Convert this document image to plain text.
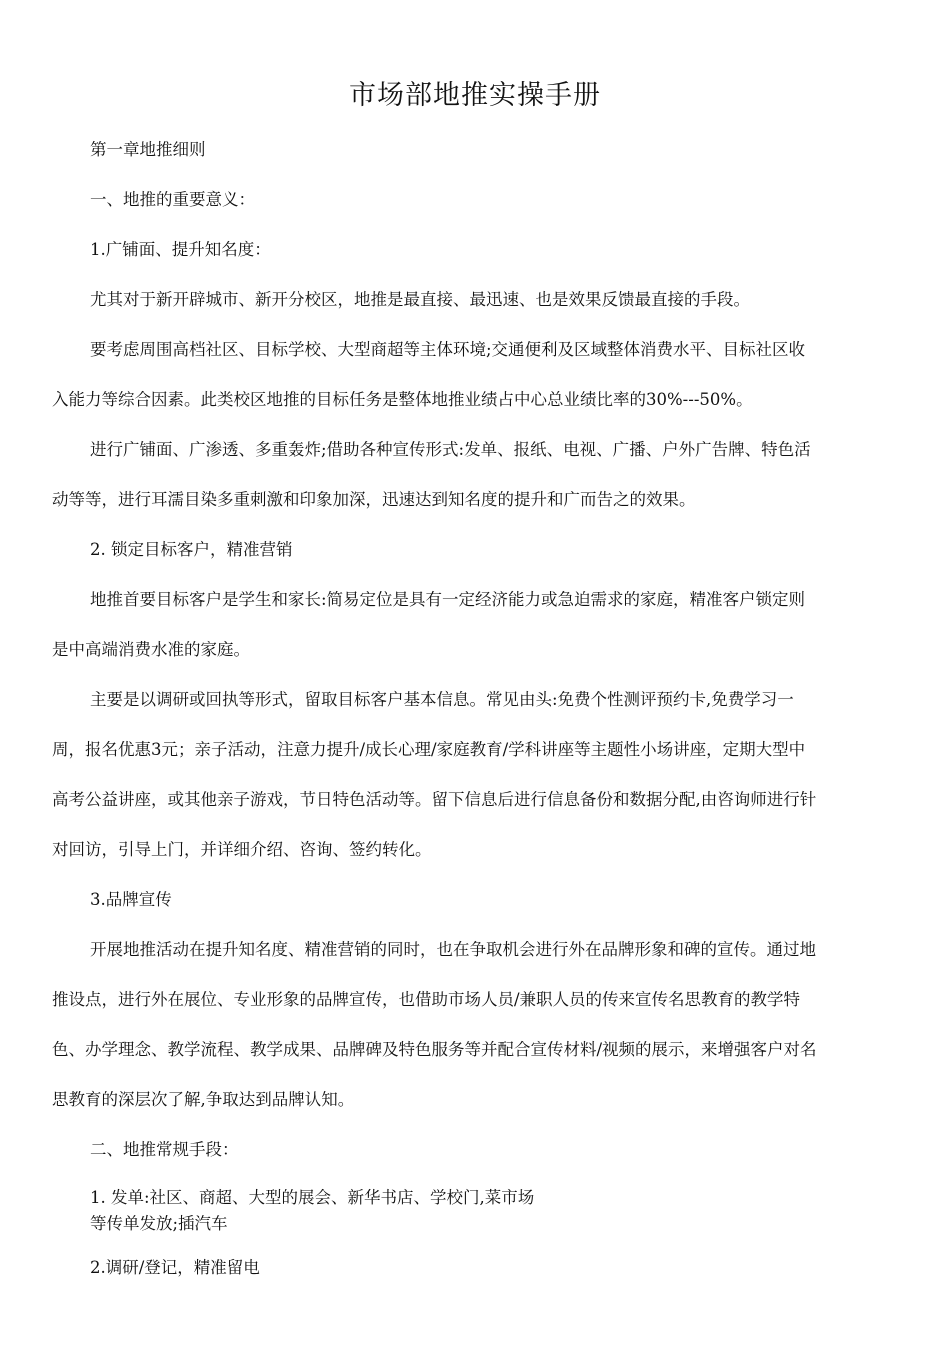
市场部地推实操手册

第一章地推细则

一、地推的重要意义：

1.广铺面、提升知名度：

尤其对于新开辟城市、新开分校区，地推是最直接、最迅速、也是效果反馈最直接的手段。

要考虑周围高档社区、目标学校、大型商超等主体环境;交通便利及区域整体消费水平、目标社区收

入能力等综合因素。此类校区地推的目标任务是整体地推业绩占中心总业绩比率的30%---50%。

进行广铺面、广渗透、多重轰炸;借助各种宣传形式:发单、报纸、电视、广播、户外广告牌、特色活

动等等，进行耳濡目染多重刺激和印象加深，迅速达到知名度的提升和广而告之的效果。

2. 锁定目标客户，精准营销

地推首要目标客户是学生和家长:简易定位是具有一定经济能力或急迫需求的家庭，精准客户锁定则

是中高端消费水准的家庭。

主要是以调研或回执等形式，留取目标客户基本信息。常见由头:免费个性测评预约卡,免费学习一

周，报名优惠3元；亲子活动，注意力提升/成长心理/家庭教育/学科讲座等主题性小场讲座，定期大型中

高考公益讲座，或其他亲子游戏，节日特色活动等。留下信息后进行信息备份和数据分配,由咨询师进行针

对回访，引导上门，并详细介绍、咨询、签约转化。

3.品牌宣传

开展地推活动在提升知名度、精准营销的同时，也在争取机会进行外在品牌形象和碑的宣传。通过地

推设点，进行外在展位、专业形象的品牌宣传，也借助市场人员/兼职人员的传来宣传名思教育的教学特

色、办学理念、教学流程、教学成果、品牌碑及特色服务等并配合宣传材料/视频的展示，来增强客户对名

思教育的深层次了解,争取达到品牌认知。

二、地推常规手段：

1. 发单:社区、商超、大型的展会、新华书店、学校门,菜市场

等传单发放;插汽车

2.调研/登记，精准留电
